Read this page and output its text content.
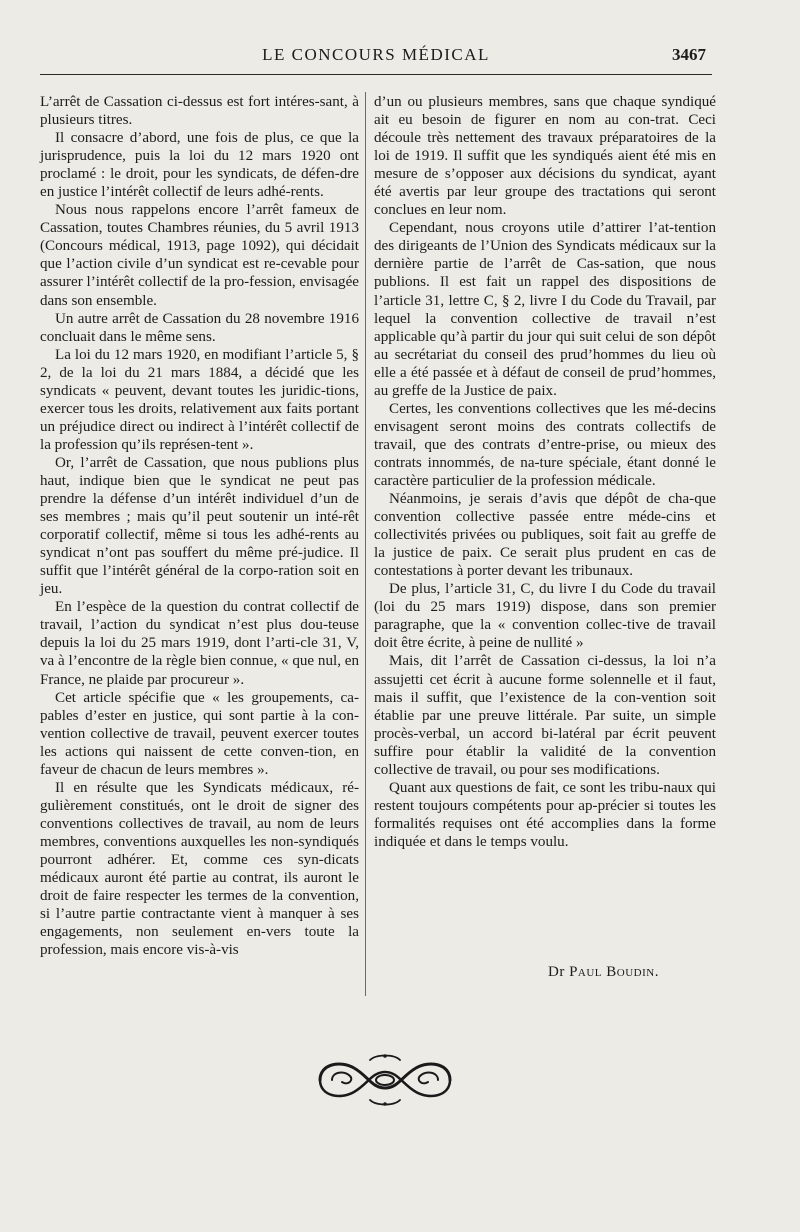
LE CONCOURS MÉDICAL	3467

L’arrêt de Cassation ci-dessus est fort intéres-sant, à plusieurs titres.

Il consacre d’abord, une fois de plus, ce que la jurisprudence, puis la loi du 12 mars 1920 ont proclamé : le droit, pour les syndicats, de défen-dre en justice l’intérêt collectif de leurs adhé-rents.

Nous nous rappelons encore l’arrêt fameux de Cassation, toutes Chambres réunies, du 5 avril 1913 (Concours médical, 1913, page 1092), qui décidait que l’action civile d’un syndicat est re-cevable pour assurer l’intérêt collectif de la pro-fession, envisagée dans son ensemble.

Un autre arrêt de Cassation du 28 novembre 1916 concluait dans le même sens.

La loi du 12 mars 1920, en modifiant l’article 5, § 2, de la loi du 21 mars 1884, a décidé que les syndicats « peuvent, devant toutes les juridic-tions, exercer tous les droits, relativement aux faits portant un préjudice direct ou indirect à l’intérêt collectif de la profession qu’ils représen-tent ».

Or, l’arrêt de Cassation, que nous publions plus haut, indique bien que le syndicat ne peut pas prendre la défense d’un intérêt individuel d’un de ses membres ; mais qu’il peut soutenir un inté-rêt corporatif collectif, même si tous les adhé-rents au syndicat n’ont pas souffert du même pré-judice. Il suffit que l’intérêt général de la corpo-ration soit en jeu.

En l’espèce de la question du contrat collectif de travail, l’action du syndicat n’est plus dou-teuse depuis la loi du 25 mars 1919, dont l’arti-cle 31, V, va à l’encontre de la règle bien connue, « que nul, en France, ne plaide par procureur ».

Cet article spécifie que « les groupements, ca-pables d’ester en justice, qui sont partie à la con-vention collective de travail, peuvent exercer toutes les actions qui naissent de cette conven-tion, en faveur de chacun de leurs membres ».

Il en résulte que les Syndicats médicaux, ré-gulièrement constitués, ont le droit de signer des conventions collectives de travail, au nom de leurs membres, conventions auxquelles les non-syndiqués pourront adhérer. Et, comme ces syn-dicats médicaux auront été partie au contrat, ils auront le droit de faire respecter les termes de la convention, si l’autre partie contractante vient à manquer à ses engagements, non seulement en-vers toute la profession, mais encore vis-à-vis

d’un ou plusieurs membres, sans que chaque syndiqué ait eu besoin de figurer en nom au con-trat. Ceci découle très nettement des travaux préparatoires de la loi de 1919. Il suffit que les syndiqués aient été mis en mesure de s’opposer aux décisions du syndicat, ayant été avertis par leur groupe des tractations qui seront conclues en leur nom.

Cependant, nous croyons utile d’attirer l’at-tention des dirigeants de l’Union des Syndicats médicaux sur la dernière partie de l’arrêt de Cas-sation, que nous publions. Il est fait un rappel des dispositions de l’article 31, lettre C, § 2, livre I du Code du Travail, par lequel la convention collective de travail n’est applicable qu’à partir du jour qui suit celui de son dépôt au secrétariat du conseil des prud’hommes du lieu où elle a été passée et à défaut de conseil de prud’hommes, au greffe de la Justice de paix.

Certes, les conventions collectives que les mé-decins envisagent seront moins des contrats collectifs de travail, que des contrats d’entre-prise, ou mieux des contrats innommés, de na-ture spéciale, étant donné le caractère particulier de la profession médicale.

Néanmoins, je serais d’avis que dépôt de cha-que convention collective passée entre méde-cins et collectivités privées ou publiques, soit fait au greffe de la justice de paix. Ce serait plus prudent en cas de contestations à porter devant les tribunaux.

De plus, l’article 31, C, du livre I du Code du travail (loi du 25 mars 1919) dispose, dans son premier paragraphe, que la « convention collec-tive de travail doit être écrite, à peine de nullité »

Mais, dit l’arrêt de Cassation ci-dessus, la loi n’a assujetti cet écrit à aucune forme solennelle et il faut, mais il suffit, que l’existence de la con-vention soit établie par une preuve littérale. Par suite, un simple procès-verbal, un accord bi-latéral par écrit peuvent suffire pour établir la validité de la convention collective de travail, ou pour ses modifications.

Quant aux questions de fait, ce sont les tribu-naux qui restent toujours compétents pour ap-précier si toutes les formalités requises ont été accomplies dans la forme indiquée et dans le temps voulu.

Dr Paul Boudin.
